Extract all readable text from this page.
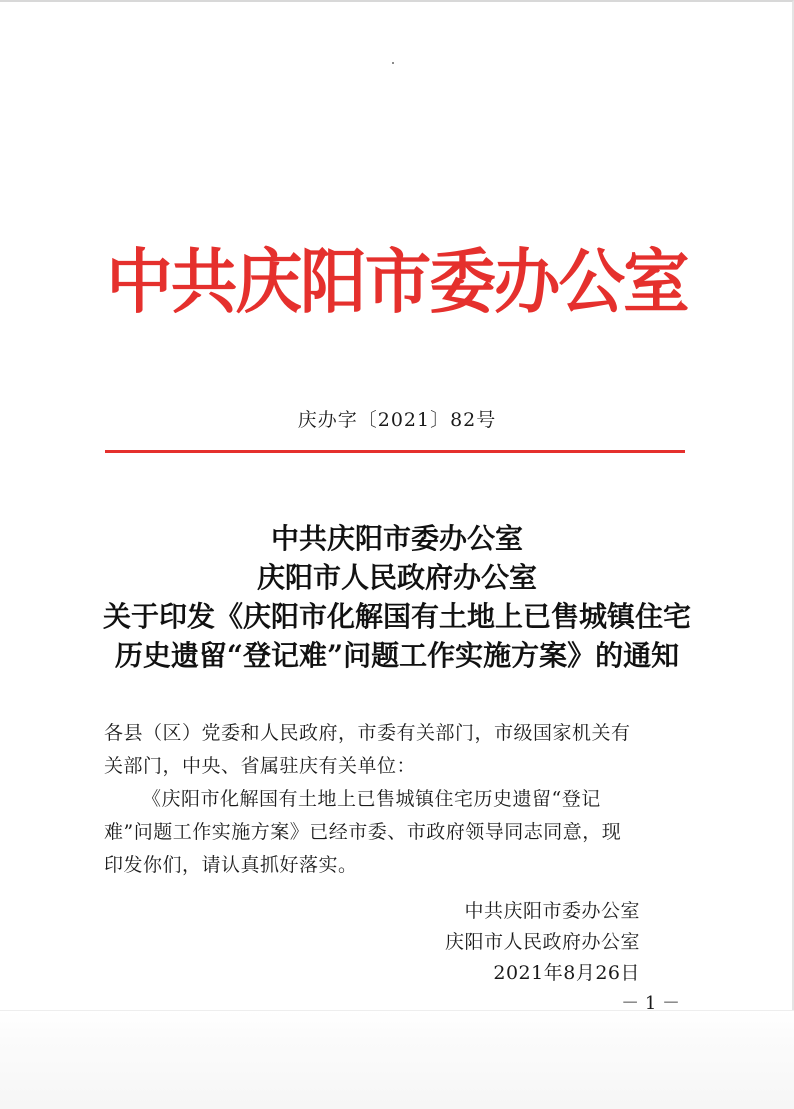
中共庆阳市委办公室
庆办字〔2021〕82号
中共庆阳市委办公室
庆阳市人民政府办公室
关于印发《庆阳市化解国有土地上已售城镇住宅
历史遗留“登记难”问题工作实施方案》的通知
各县（区）党委和人民政府，市委有关部门，市级国家机关有
关部门，中央、省属驻庆有关单位：
《庆阳市化解国有土地上已售城镇住宅历史遗留“登记
难”问题工作实施方案》已经市委、市政府领导同志同意，现
印发你们，请认真抓好落实。
中共庆阳市委办公室
庆阳市人民政府办公室
2021年8月26日
－ 1 －
